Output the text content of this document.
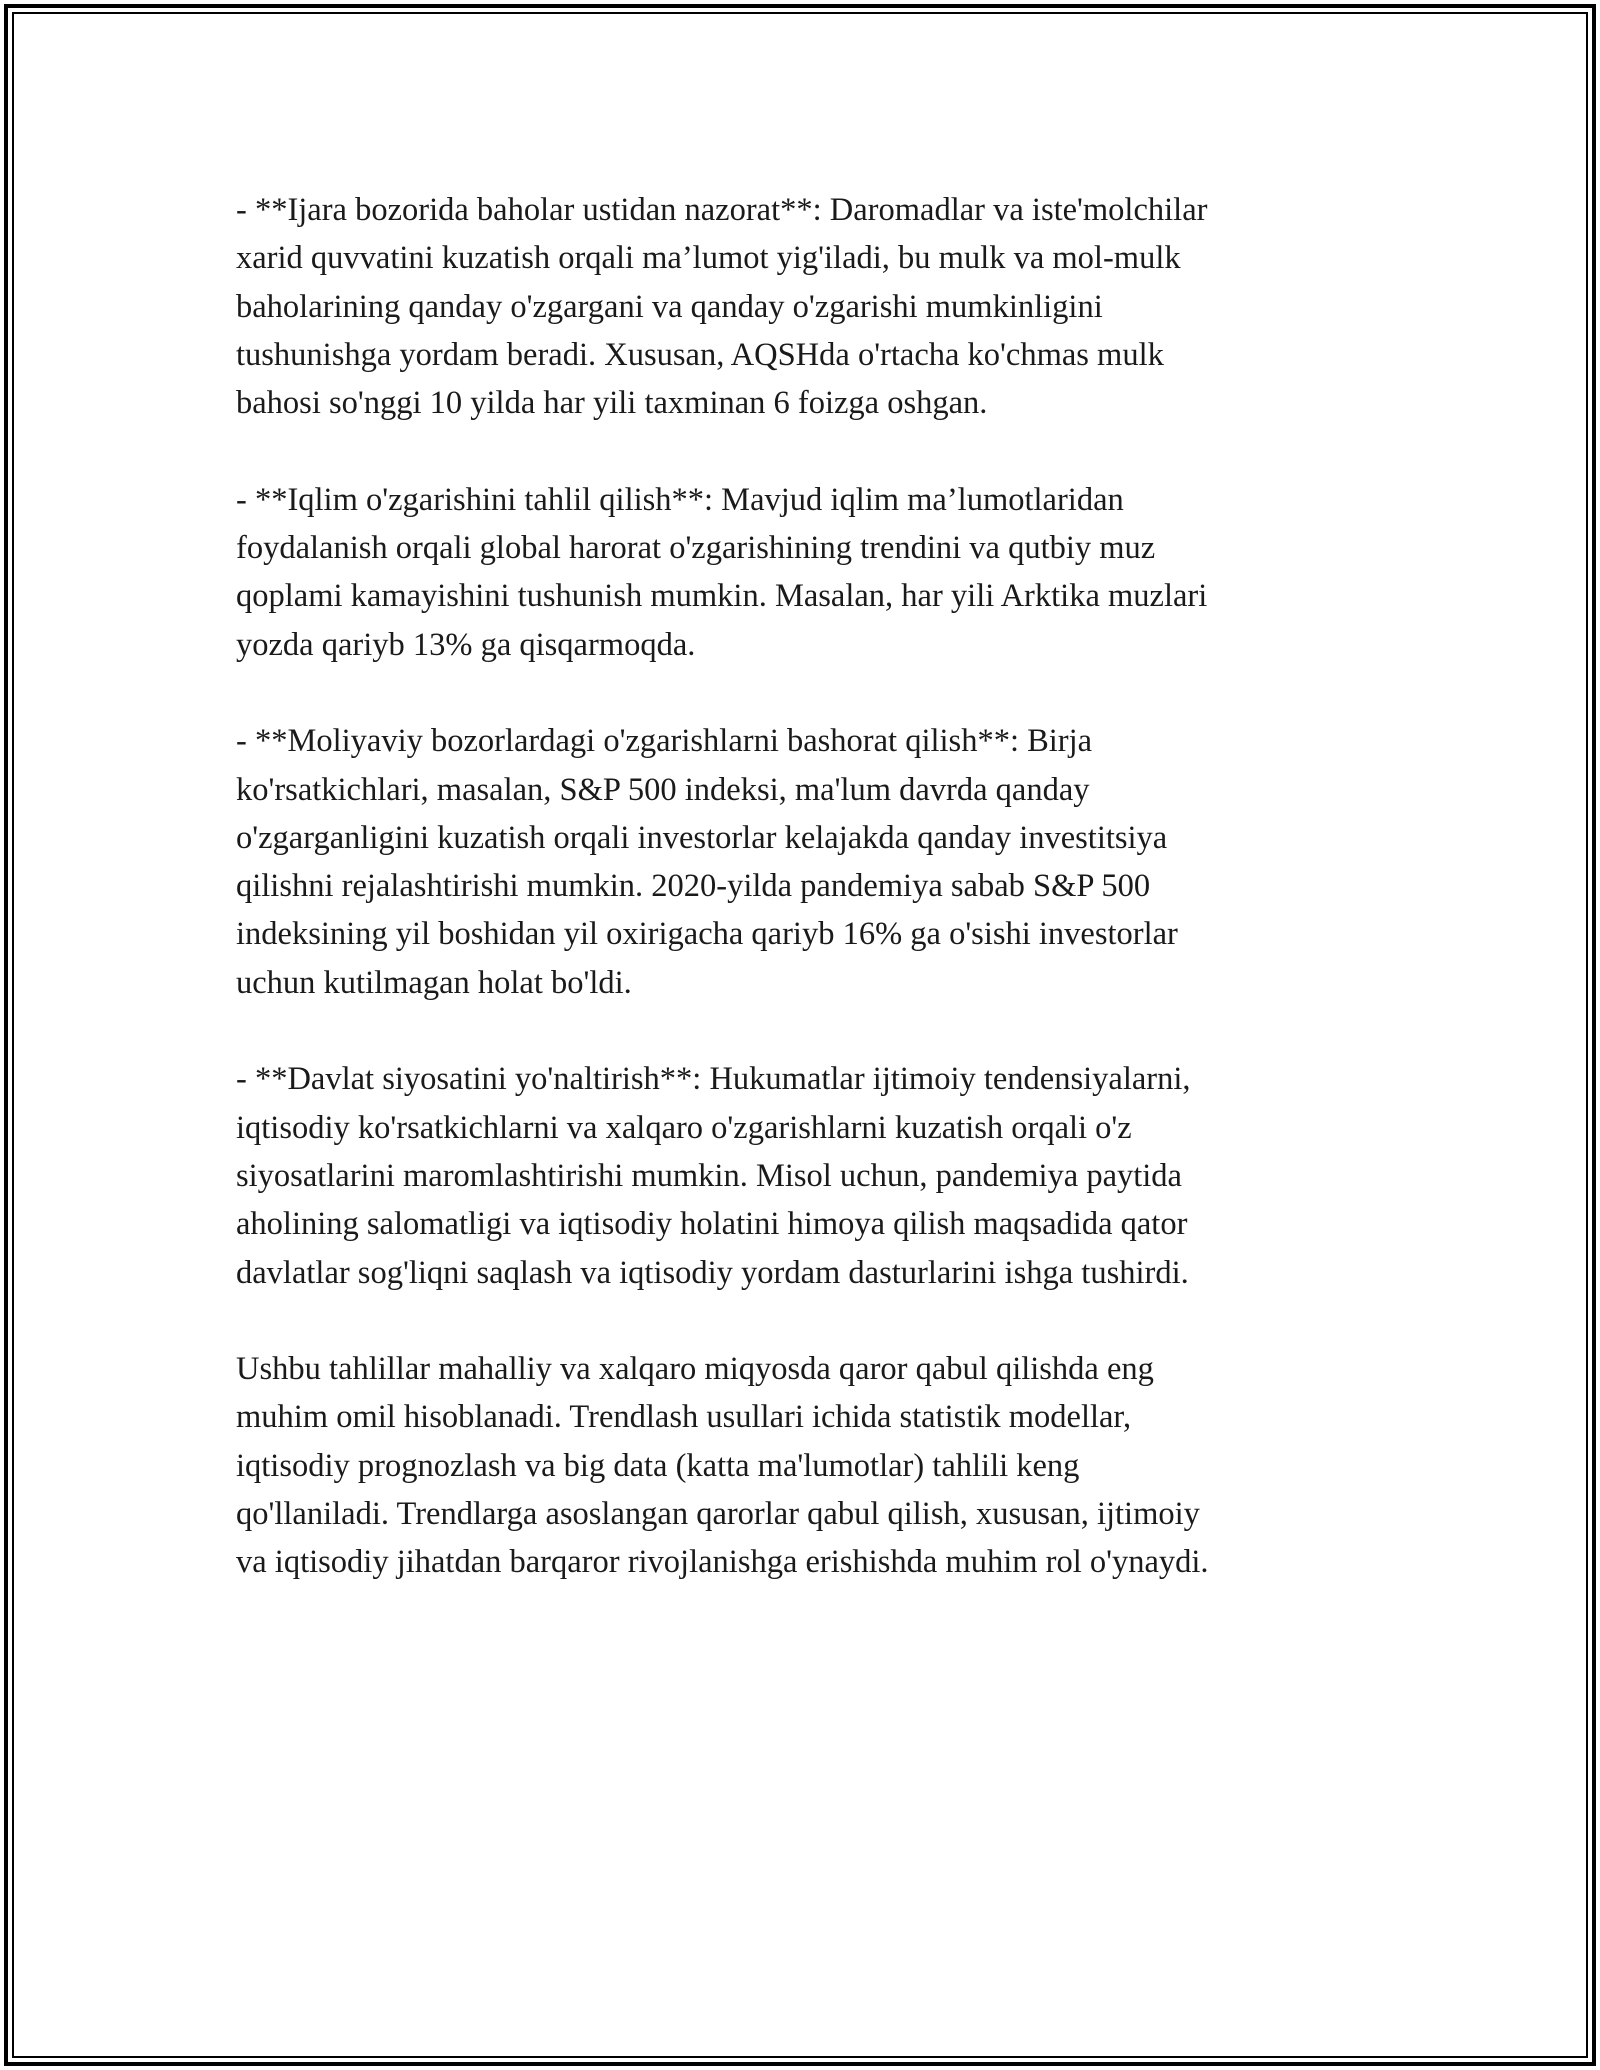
- **Ijara bozorida baholar ustidan nazorat**: Daromadlar va iste'molchilar
xarid quvvatini kuzatish orqali ma’lumot yig'iladi, bu mulk va mol-mulk
baholarining qanday o'zgargani va qanday o'zgarishi mumkinligini
tushunishga yordam beradi. Xususan, AQSHda o'rtacha ko'chmas mulk
bahosi so'nggi 10 yilda har yili taxminan 6 foizga oshgan.

- **Iqlim o'zgarishini tahlil qilish**: Mavjud iqlim ma’lumotlaridan
foydalanish orqali global harorat o'zgarishining trendini va qutbiy muz
qoplami kamayishini tushunish mumkin. Masalan, har yili Arktika muzlari
yozda qariyb 13% ga qisqarmoqda.

- **Moliyaviy bozorlardagi o'zgarishlarni bashorat qilish**: Birja
ko'rsatkichlari, masalan, S&P 500 indeksi, ma'lum davrda qanday
o'zgarganligini kuzatish orqali investorlar kelajakda qanday investitsiya
qilishni rejalashtirishi mumkin. 2020-yilda pandemiya sabab S&P 500
indeksining yil boshidan yil oxirigacha qariyb 16% ga o'sishi investorlar
uchun kutilmagan holat bo'ldi.

- **Davlat siyosatini yo'naltirish**: Hukumatlar ijtimoiy tendensiyalarni,
iqtisodiy ko'rsatkichlarni va xalqaro o'zgarishlarni kuzatish orqali o'z
siyosatlarini maromlashtirishi mumkin. Misol uchun, pandemiya paytida
aholining salomatligi va iqtisodiy holatini himoya qilish maqsadida qator
davlatlar sog'liqni saqlash va iqtisodiy yordam dasturlarini ishga tushirdi.

Ushbu tahlillar mahalliy va xalqaro miqyosda qaror qabul qilishda eng
muhim omil hisoblanadi. Trendlash usullari ichida statistik modellar,
iqtisodiy prognozlash va big data (katta ma'lumotlar) tahlili keng
qo'llaniladi. Trendlarga asoslangan qarorlar qabul qilish, xususan, ijtimoiy
va iqtisodiy jihatdan barqaror rivojlanishga erishishda muhim rol o'ynaydi.
